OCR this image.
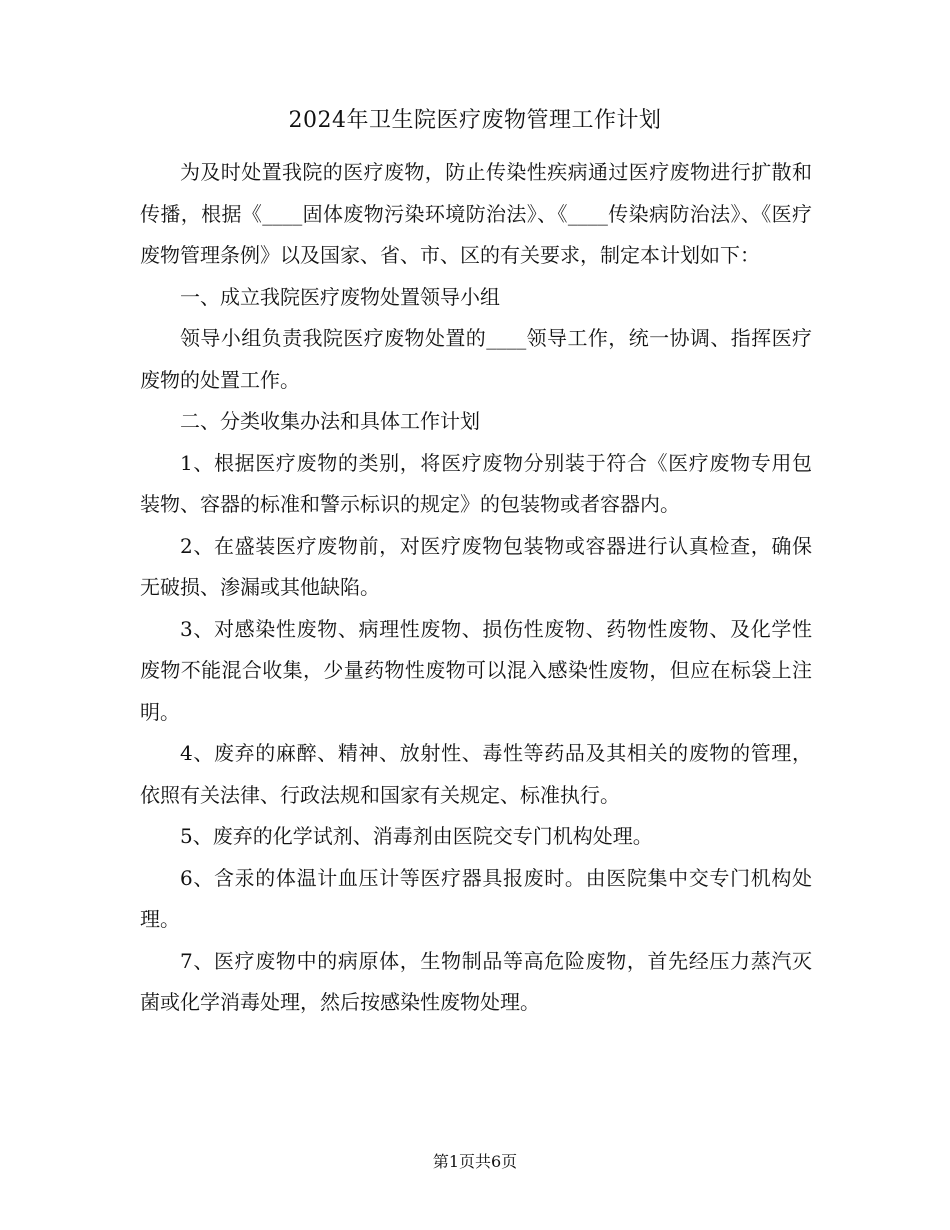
2024年卫生院医疗废物管理工作计划

为及时处置我院的医疗废物，防止传染性疾病通过医疗废物进行扩散和传播，根据《____固体废物污染环境防治法》、《____传染病防治法》、《医疗废物管理条例》以及国家、省、市、区的有关要求，制定本计划如下：

一、成立我院医疗废物处置领导小组

领导小组负责我院医疗废物处置的____领导工作，统一协调、指挥医疗废物的处置工作。

二、分类收集办法和具体工作计划

1、根据医疗废物的类别，将医疗废物分别装于符合《医疗废物专用包装物、容器的标准和警示标识的规定》的包装物或者容器内。

2、在盛装医疗废物前，对医疗废物包装物或容器进行认真检查，确保无破损、渗漏或其他缺陷。

3、对感染性废物、病理性废物、损伤性废物、药物性废物、及化学性废物不能混合收集，少量药物性废物可以混入感染性废物，但应在标袋上注明。

4、废弃的麻醉、精神、放射性、毒性等药品及其相关的废物的管理，依照有关法律、行政法规和国家有关规定、标准执行。

5、废弃的化学试剂、消毒剂由医院交专门机构处理。

6、含汞的体温计血压计等医疗器具报废时。由医院集中交专门机构处理。

7、医疗废物中的病原体，生物制品等高危险废物，首先经压力蒸汽灭菌或化学消毒处理，然后按感染性废物处理。

第1页共6页
